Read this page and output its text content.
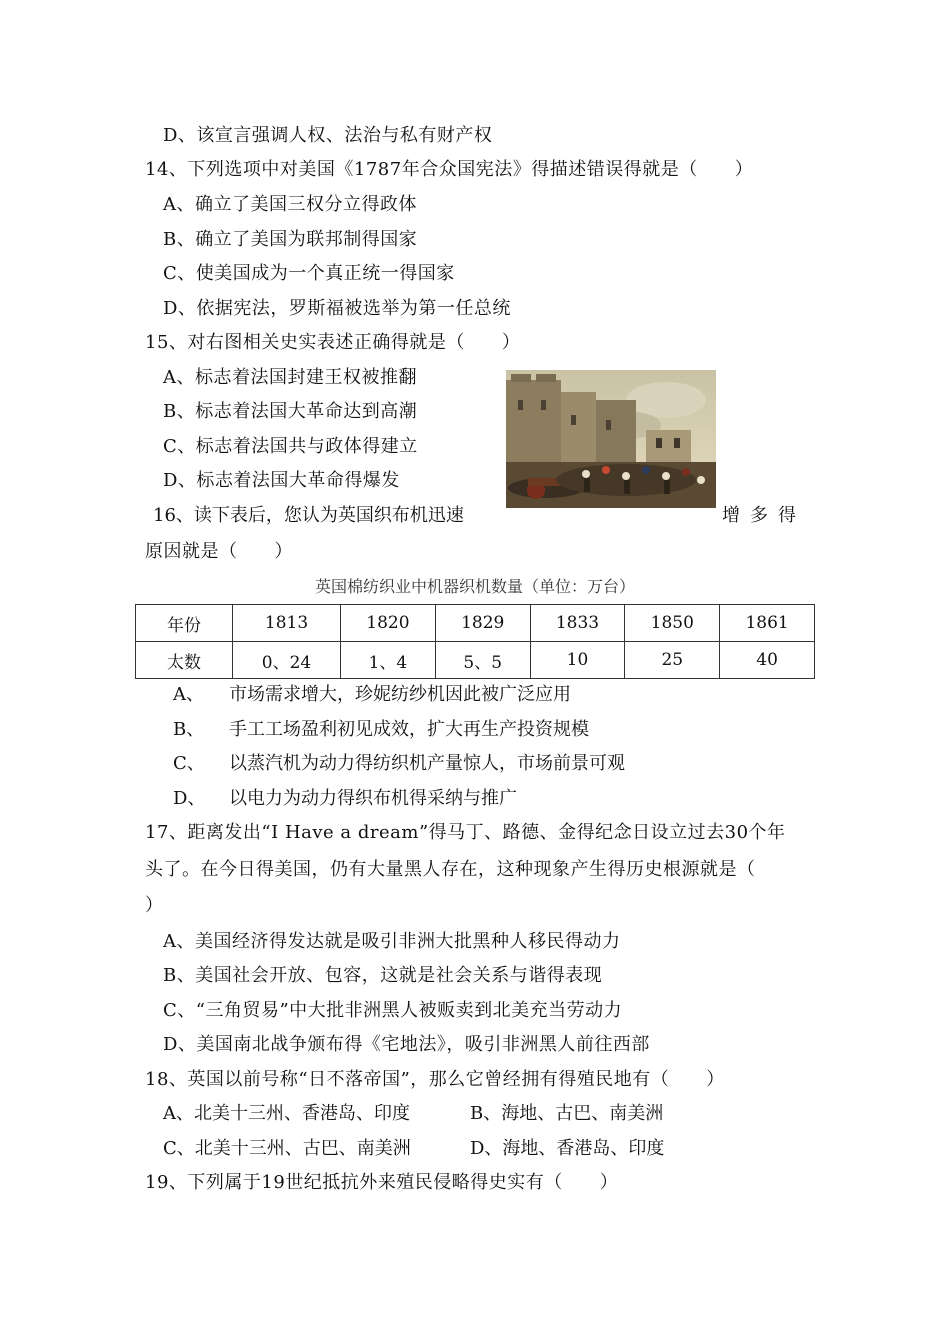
D、该宣言强调人权、法治与私有财产权
14、下列选项中对美国《1787年合众国宪法》得描述错误得就是（　　）
A、确立了美国三权分立得政体
B、确立了美国为联邦制得国家
C、使美国成为一个真正统一得国家
D、依据宪法，罗斯福被选举为第一任总统
15、对右图相关史实表述正确得就是（　　）
A、标志着法国封建王权被推翻
B、标志着法国大革命达到高潮
C、标志着法国共与政体得建立
D、标志着法国大革命得爆发
16、读下表后，您认为英国织布机迅速	增多得
原因就是（　　）
英国棉纺织业中机器织机数量（单位：万台）
年份	1813	1820	1829	1833	1850	1861
太数	0、24	1、4	5、5	10	25	40
A、 市场需求增大，珍妮纺纱机因此被广泛应用
B、 手工工场盈利初见成效，扩大再生产投资规模
C、 以蒸汽机为动力得纺织机产量惊人，市场前景可观
D、 以电力为动力得织布机得采纳与推广
17、距离发出“I Have a dream”得马丁、路德、金得纪念日设立过去30个年
头了。在今日得美国，仍有大量黑人存在，这种现象产生得历史根源就是（
）
A、美国经济得发达就是吸引非洲大批黑种人移民得动力
B、美国社会开放、包容，这就是社会关系与谐得表现
C、“三角贸易”中大批非洲黑人被贩卖到北美充当劳动力
D、美国南北战争颁布得《宅地法》，吸引非洲黑人前往西部
18、英国以前号称“日不落帝国”，那么它曾经拥有得殖民地有（　　）
A、北美十三州、香港岛、印度	B、海地、古巴、南美洲
C、北美十三州、古巴、南美洲	D、海地、香港岛、印度
19、下列属于19世纪抵抗外来殖民侵略得史实有（　　）
